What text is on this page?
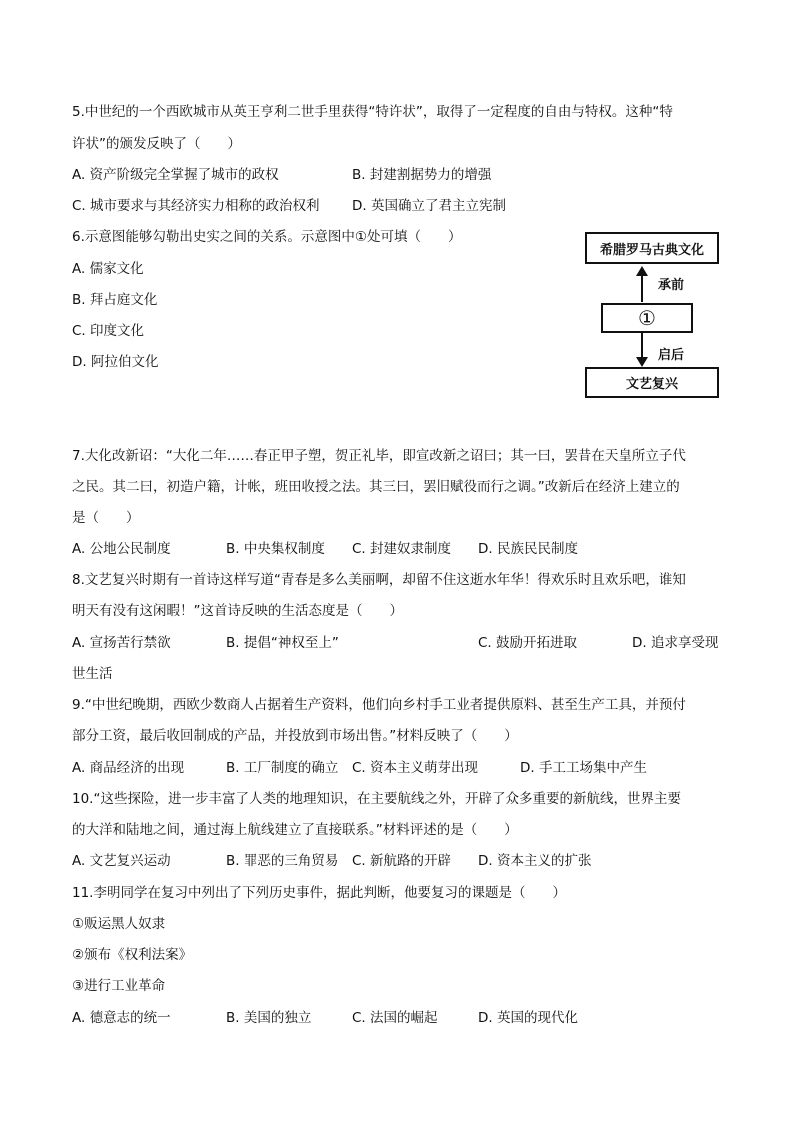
5.中世纪的一个西欧城市从英王亨利二世手里获得“特许状”，取得了一定程度的自由与特权。这种“特
许状”的颁发反映了（　　）
A. 资产阶级完全掌握了城市的政权	B. 封建割据势力的增强
C. 城市要求与其经济实力相称的政治权利 D. 英国确立了君主立宪制
6.示意图能够勾勒出史实之间的关系。示意图中①处可填（　　）
A. 儒家文化
B. 拜占庭文化
C. 印度文化
D. 阿拉伯文化
希腊罗马古典文化
承前
①
启后
文艺复兴
7.大化改新诏：“大化二年……春正甲子塑，贺正礼毕，即宣改新之诏曰；其一曰，罢昔在天皇所立子代
之民。其二曰，初造户籍，计帐，班田收授之法。其三曰，罢旧赋役而行之调。”改新后在经济上建立的
是（　　）
A. 公地公民制度	B. 中央集权制度 C. 封建奴隶制度 D. 民族民民制度
8.文艺复兴时期有一首诗这样写道“青春是多么美丽啊，却留不住这逝水年华！得欢乐时且欢乐吧，谁知
明天有没有这闲暇！”这首诗反映的生活态度是（　　）
A. 宣扬苦行禁欲	B. 提倡“神权至上”	C. 鼓励开拓进取	D. 追求享受现
世生活
9.“中世纪晚期，西欧少数商人占据着生产资料，他们向乡村手工业者提供原料、甚至生产工具，并预付
部分工资，最后收回制成的产品，并投放到市场出售。”材料反映了（　　）
A. 商品经济的出现	B. 工厂制度的确立 C. 资本主义萌芽出现	D. 手工工场集中产生
10.“这些探险，进一步丰富了人类的地理知识，在主要航线之外，开辟了众多重要的新航线，世界主要
的大洋和陆地之间，通过海上航线建立了直接联系。”材料评述的是（　　）
A. 文艺复兴运动	B. 罪恶的三角贸易 C. 新航路的开辟 D. 资本主义的扩张
11.李明同学在复习中列出了下列历史事件，据此判断，他要复习的课题是（　　）
①贩运黑人奴隶
②颁布《权利法案》
③进行工业革命
A. 德意志的统一	B. 美国的独立	C. 法国的崛起	D. 英国的现代化
